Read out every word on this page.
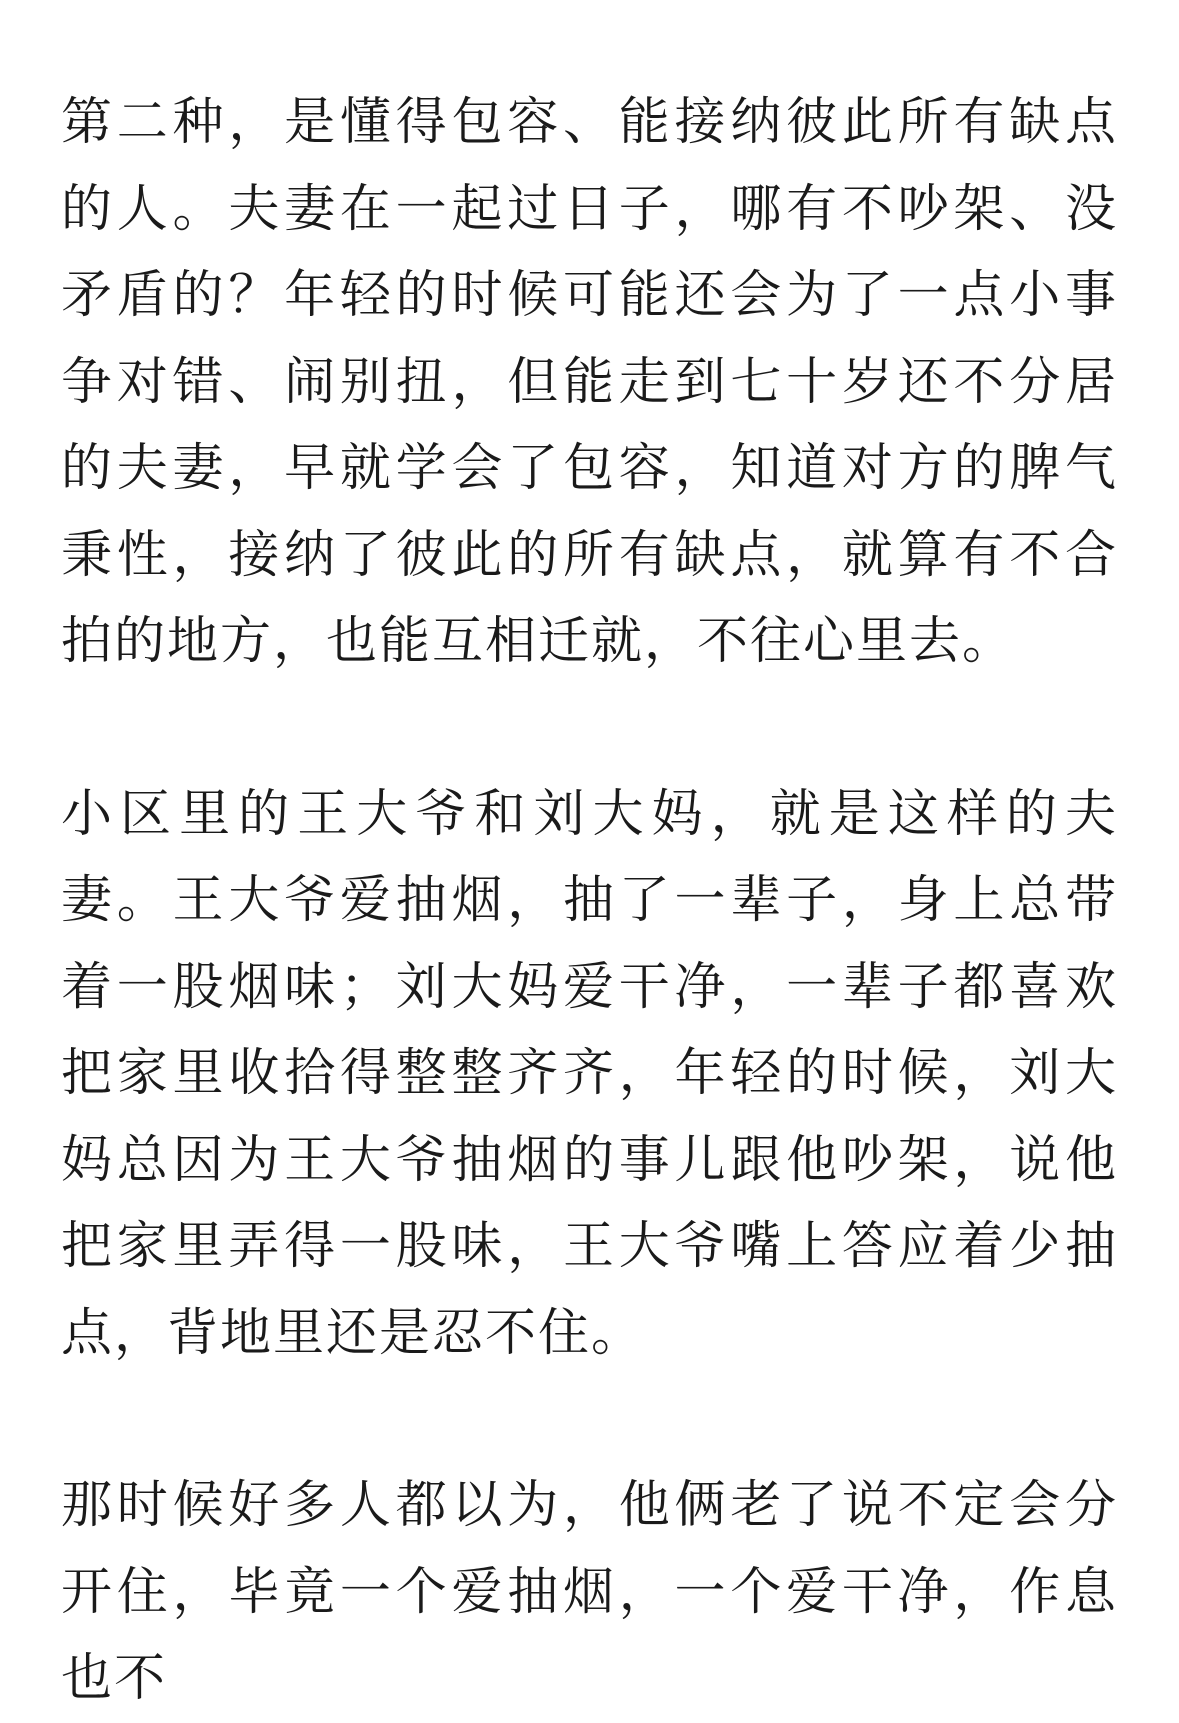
第二种，是懂得包容、能接纳彼此所有缺点的人。夫妻在一起过日子，哪有不吵架、没矛盾的？年轻的时候可能还会为了一点小事争对错、闹别扭，但能走到七十岁还不分居的夫妻，早就学会了包容，知道对方的脾气秉性，接纳了彼此的所有缺点，就算有不合拍的地方，也能互相迁就，不往心里去。

小区里的王大爷和刘大妈，就是这样的夫妻。王大爷爱抽烟，抽了一辈子，身上总带着一股烟味；刘大妈爱干净，一辈子都喜欢把家里收拾得整整齐齐，年轻的时候，刘大妈总因为王大爷抽烟的事儿跟他吵架，说他把家里弄得一股味，王大爷嘴上答应着少抽点，背地里还是忍不住。

那时候好多人都以为，他俩老了说不定会分开住，毕竟一个爱抽烟，一个爱干净，作息也不
